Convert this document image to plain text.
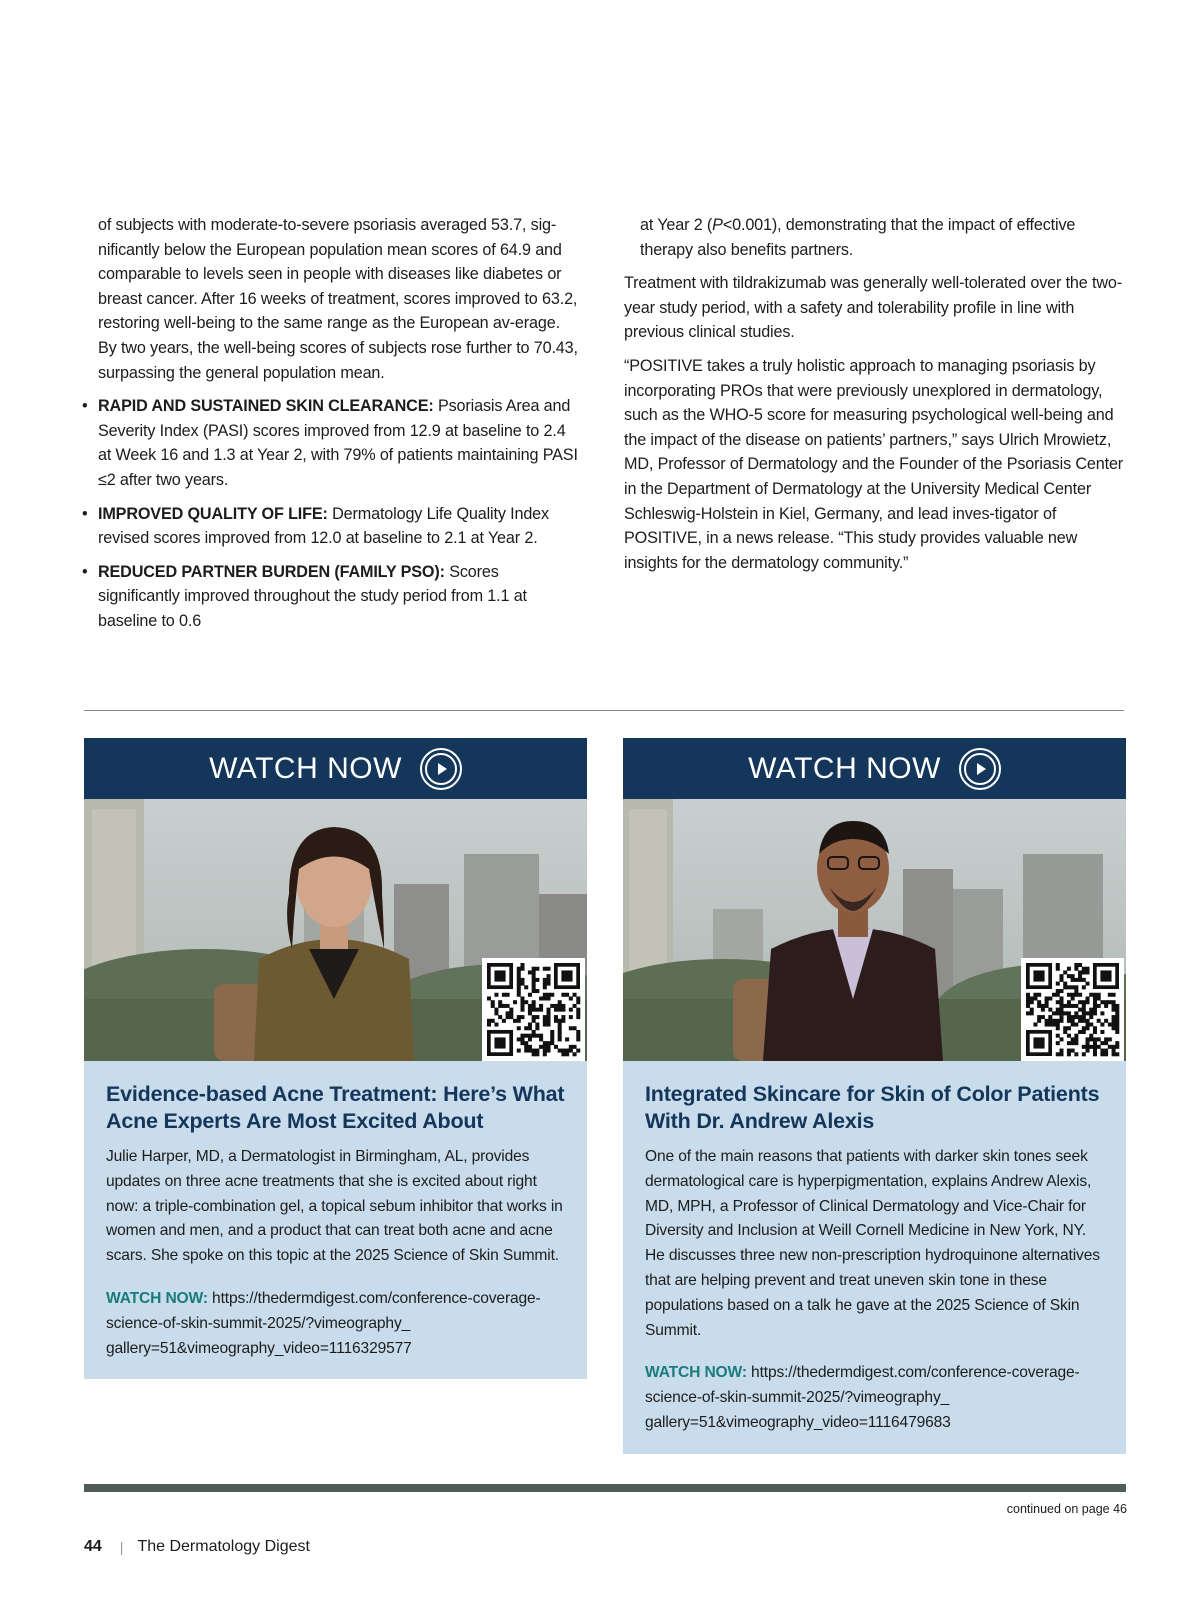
of subjects with moderate-to-severe psoriasis averaged 53.7, sig-nificantly below the European population mean scores of 64.9 and comparable to levels seen in people with diseases like diabetes or breast cancer. After 16 weeks of treatment, scores improved to 63.2, restoring well-being to the same range as the European av-erage. By two years, the well-being scores of subjects rose further to 70.43, surpassing the general population mean.

• RAPID AND SUSTAINED SKIN CLEARANCE: Psoriasis Area and Severity Index (PASI) scores improved from 12.9 at baseline to 2.4 at Week 16 and 1.3 at Year 2, with 79% of patients maintaining PASI ≤2 after two years.
• IMPROVED QUALITY OF LIFE: Dermatology Life Quality Index revised scores improved from 12.0 at baseline to 2.1 at Year 2.
• REDUCED PARTNER BURDEN (FAMILY PSO): Scores significantly improved throughout the study period from 1.1 at baseline to 0.6

at Year 2 (P<0.001), demonstrating that the impact of effective therapy also benefits partners.

Treatment with tildrakizumab was generally well-tolerated over the two-year study period, with a safety and tolerability profile in line with previous clinical studies.

“POSITIVE takes a truly holistic approach to managing psoriasis by incorporating PROs that were previously unexplored in dermatology, such as the WHO-5 score for measuring psychological well-being and the impact of the disease on patients’ partners,” says Ulrich Mrowietz, MD, Professor of Dermatology and the Founder of the Psoriasis Center in the Department of Dermatology at the University Medical Center Schleswig-Holstein in Kiel, Germany, and lead inves-tigator of POSITIVE, in a news release. “This study provides valuable new insights for the dermatology community.”

WATCH NOW
Evidence-based Acne Treatment: Here’s What Acne Experts Are Most Excited About

Julie Harper, MD, a Dermatologist in Birmingham, AL, provides updates on three acne treatments that she is excited about right now: a triple-combination gel, a topical sebum inhibitor that works in women and men, and a product that can treat both acne and acne scars. She spoke on this topic at the 2025 Science of Skin Summit.

WATCH NOW: https://thedermdigest.com/conference-coverage-science-of-skin-summit-2025/?vimeography_ gallery=51&vimeography_video=1116329577

WATCH NOW
Integrated Skincare for Skin of Color Patients With Dr. Andrew Alexis

One of the main reasons that patients with darker skin tones seek dermatological care is hyperpigmentation, explains Andrew Alexis, MD, MPH, a Professor of Clinical Dermatology and Vice-Chair for Diversity and Inclusion at Weill Cornell Medicine in New York, NY. He discusses three new non-prescription hydroquinone alternatives that are helping prevent and treat uneven skin tone in these populations based on a talk he gave at the 2025 Science of Skin Summit.

WATCH NOW: https://thedermdigest.com/conference-coverage-science-of-skin-summit-2025/?vimeography_ gallery=51&vimeography_video=1116479683

continued on page 46
44 | The Dermatology Digest
